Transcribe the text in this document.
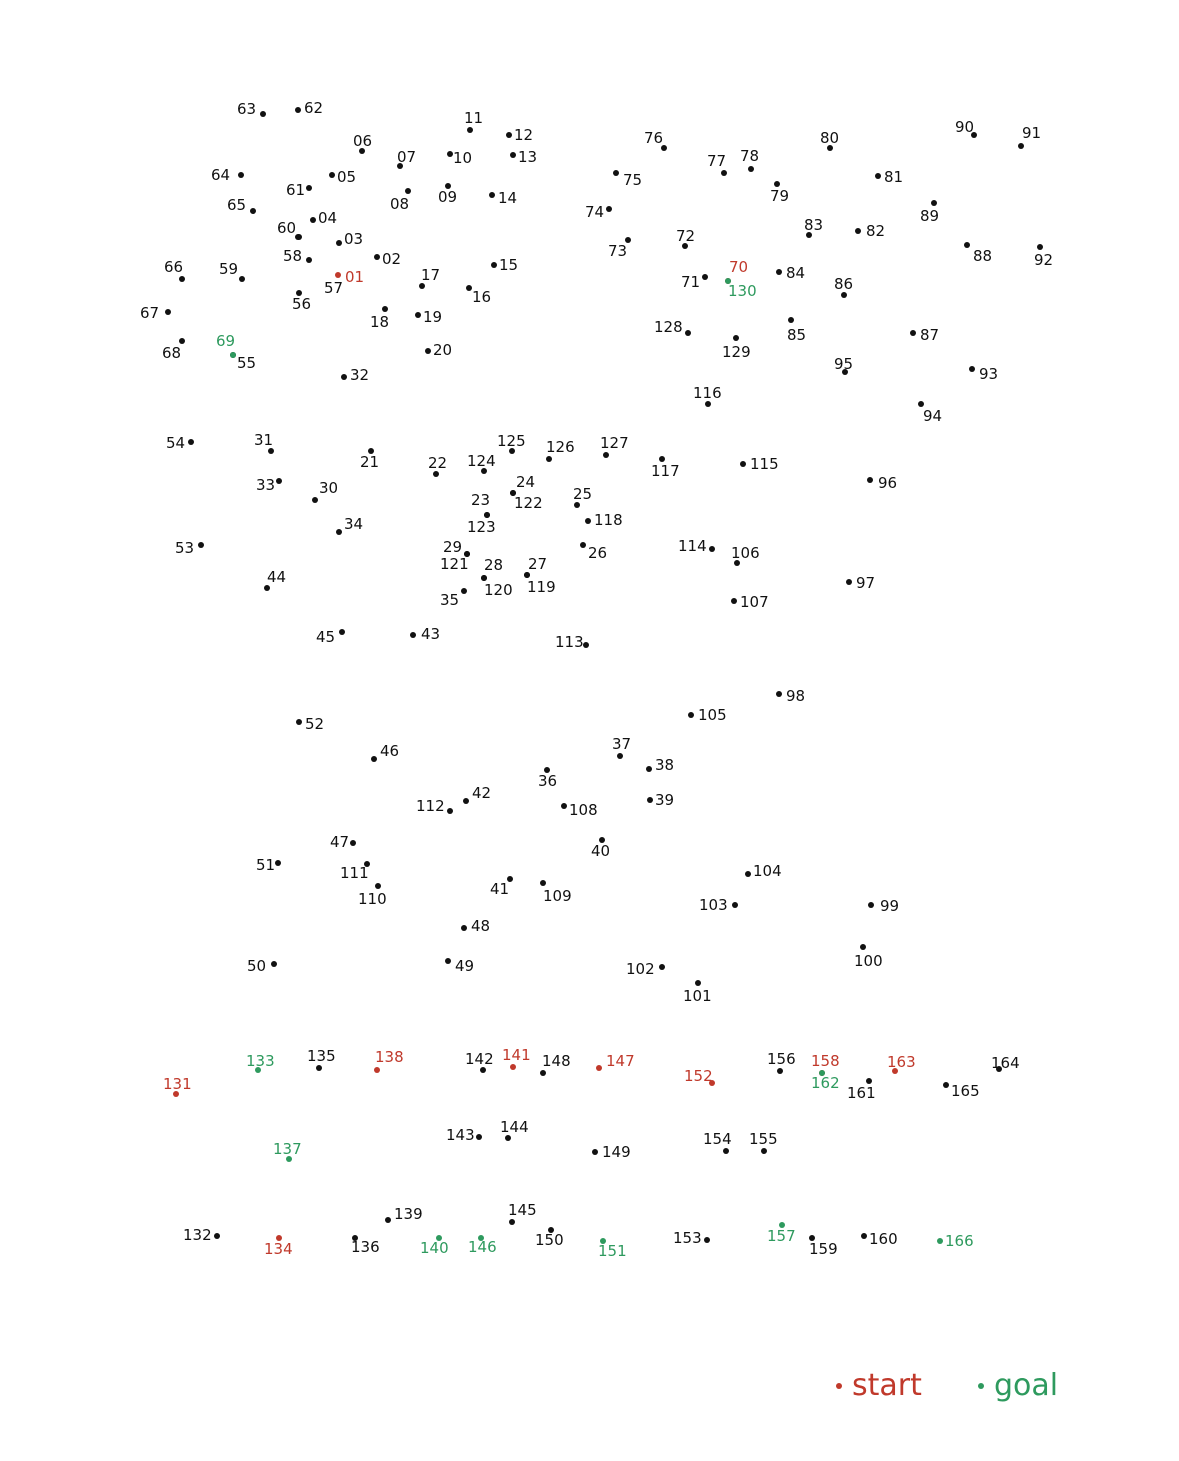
01
02
03
04
05
06
07
08 09
10
11
12
13
14
15
16
17
18 19
20
21	22
23
24
25
26
27
28
29
30
31
32
33
34
35
36
37
38
39
40
41
42
43
44
45
46
47
48
49
50
51
52
53
54
55
56
57
58
59
60
61
62
63
64
65
66
67
68
69
70
71
72
73
74
75
76
77 78
79
80
81
82
83
84
85
86
87
88
89
90	91
92
93
94
95
96
97
98
99
100
101
102
103
104
105
106
107
108
109
110
111
112
113
114
115
116
117
118
119
120
121
122
123
124
125 126 127
128
129
130
131
132
133
134
135
136
137
138
139
140
141
142
143 144
145
146
147
148
149
150
151
152
153
154 155
156
157
158
159
160
161
162
163	164
165
166
start goal
